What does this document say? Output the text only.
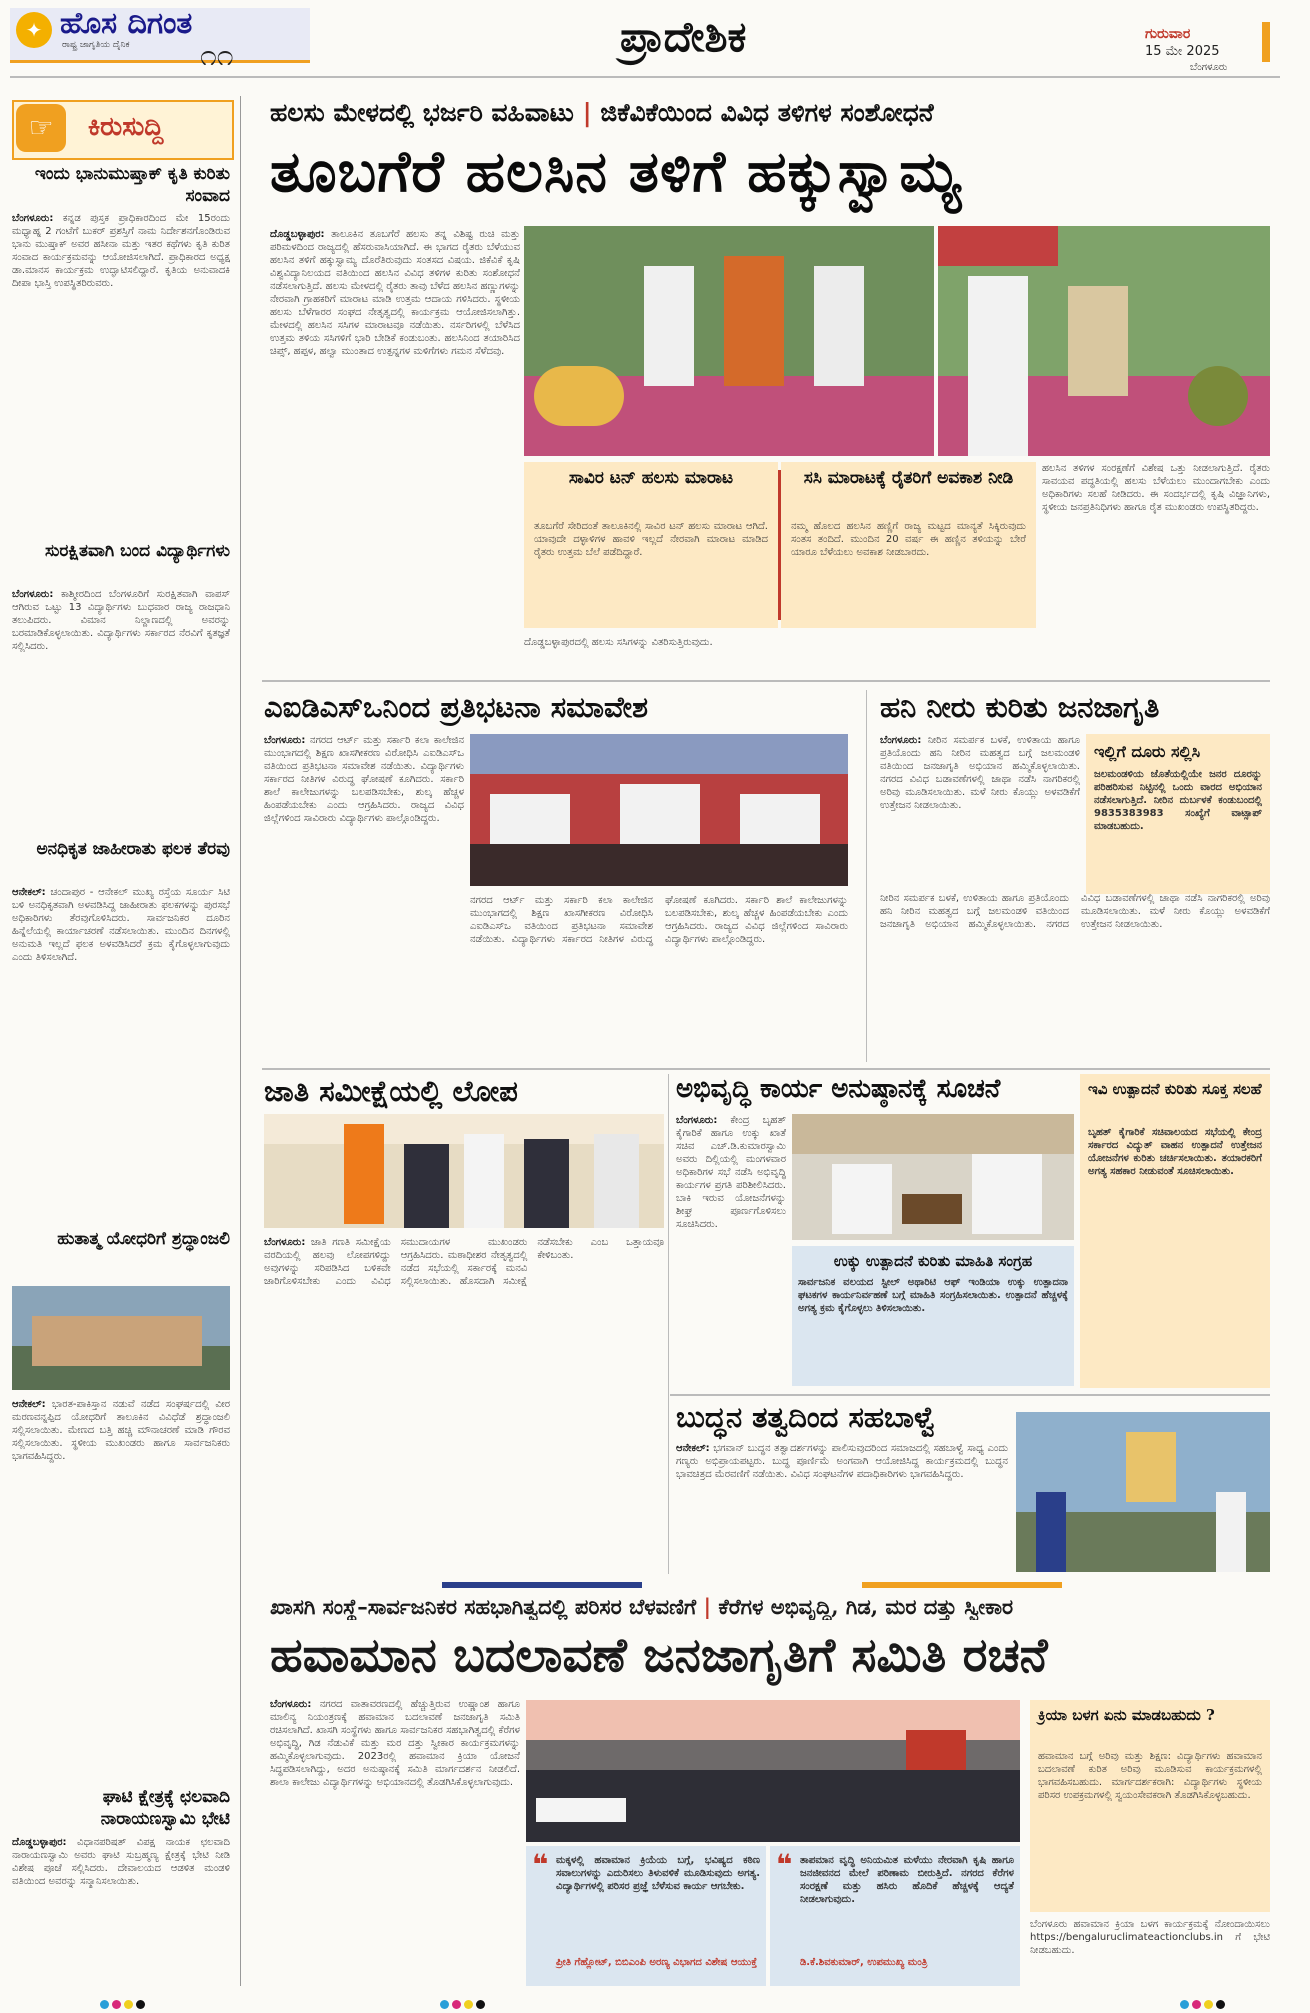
✦ ಹೊಸ ದಿಗಂತ
ರಾಷ್ಟ್ರ ಜಾಗೃತಿಯ ದೈನಿಕ ೧೧	ಪ್ರಾದೇಶಿಕ	ಗುರುವಾರ
15 ಮೇ 2025
ಬೆಂಗಳೂರು
☞	ಕಿರುಸುದ್ದಿ
ಇಂದು ಭಾನುಮುಷ್ತಾಕ್ ಕೃತಿ ಕುರಿತು ಸಂವಾದ
ಬೆಂಗಳೂರು: ಕನ್ನಡ ಪುಸ್ತಕ ಪ್ರಾಧಿಕಾರದಿಂದ ಮೇ 15ರಂದು ಮಧ್ಯಾಹ್ನ 2 ಗಂಟೆಗೆ ಬುಕರ್ ಪ್ರಶಸ್ತಿಗೆ ನಾಮ ನಿರ್ದೇಶನಗೊಂಡಿರುವ ಭಾನು ಮುಷ್ತಾಕ್ ಅವರ ಹಸೀನಾ ಮತ್ತು ಇತರ ಕಥೆಗಳು ಕೃತಿ ಕುರಿತ ಸಂವಾದ ಕಾರ್ಯಕ್ರಮವನ್ನು ಆಯೋಜಿಸಲಾಗಿದೆ. ಪ್ರಾಧಿಕಾರದ ಅಧ್ಯಕ್ಷ ಡಾ.ಮಾನಸ ಕಾರ್ಯಕ್ರಮ ಉದ್ಘಾಟಿಸಲಿದ್ದಾರೆ. ಕೃತಿಯ ಅನುವಾದಕಿ ದೀಪಾ ಭಾಸ್ತಿ ಉಪಸ್ಥಿತರಿರುವರು.
ಸುರಕ್ಷಿತವಾಗಿ ಬಂದ ವಿದ್ಯಾರ್ಥಿಗಳು
ಬೆಂಗಳೂರು: ಕಾಶ್ಮೀರದಿಂದ ಬೆಂಗಳೂರಿಗೆ ಸುರಕ್ಷಿತವಾಗಿ ವಾಪಸ್ ಆಗಿರುವ ಒಟ್ಟು 13 ವಿದ್ಯಾರ್ಥಿಗಳು ಬುಧವಾರ ರಾಜ್ಯ ರಾಜಧಾನಿ ತಲುಪಿದರು. ವಿಮಾನ ನಿಲ್ದಾಣದಲ್ಲಿ ಅವರನ್ನು ಬರಮಾಡಿಕೊಳ್ಳಲಾಯಿತು. ವಿದ್ಯಾರ್ಥಿಗಳು ಸರ್ಕಾರದ ನೆರವಿಗೆ ಕೃತಜ್ಞತೆ ಸಲ್ಲಿಸಿದರು.
ಅನಧಿಕೃತ ಜಾಹೀರಾತು ಫಲಕ ತೆರವು
ಆನೇಕಲ್: ಚಂದಾಪುರ - ಆನೇಕಲ್ ಮುಖ್ಯ ರಸ್ತೆಯ ಸೂರ್ಯ ಸಿಟಿ ಬಳಿ ಅನಧಿಕೃತವಾಗಿ ಅಳವಡಿಸಿದ್ದ ಜಾಹೀರಾತು ಫಲಕಗಳನ್ನು ಪುರಸಭೆ ಅಧಿಕಾರಿಗಳು ತೆರವುಗೊಳಿಸಿದರು. ಸಾರ್ವಜನಿಕರ ದೂರಿನ ಹಿನ್ನೆಲೆಯಲ್ಲಿ ಕಾರ್ಯಾಚರಣೆ ನಡೆಸಲಾಯಿತು. ಮುಂದಿನ ದಿನಗಳಲ್ಲಿ ಅನುಮತಿ ಇಲ್ಲದೆ ಫಲಕ ಅಳವಡಿಸಿದರೆ ಕ್ರಮ ಕೈಗೊಳ್ಳಲಾಗುವುದು ಎಂದು ತಿಳಿಸಲಾಗಿದೆ.
ಹುತಾತ್ಮ ಯೋಧರಿಗೆ ಶ್ರದ್ಧಾಂಜಲಿ
ಆನೇಕಲ್: ಭಾರತ-ಪಾಕಿಸ್ತಾನ ನಡುವೆ ನಡೆದ ಸಂಘರ್ಷದಲ್ಲಿ ವೀರ ಮರಣವನ್ನಪ್ಪಿದ ಯೋಧರಿಗೆ ತಾಲೂಕಿನ ವಿವಿಧೆಡೆ ಶ್ರದ್ಧಾಂಜಲಿ ಸಲ್ಲಿಸಲಾಯಿತು. ಮೇಣದ ಬತ್ತಿ ಹಚ್ಚಿ ಮೌನಾಚರಣೆ ಮಾಡಿ ಗೌರವ ಸಲ್ಲಿಸಲಾಯಿತು. ಸ್ಥಳೀಯ ಮುಖಂಡರು ಹಾಗೂ ಸಾರ್ವಜನಿಕರು ಭಾಗವಹಿಸಿದ್ದರು.
ಘಾಟಿ ಕ್ಷೇತ್ರಕ್ಕೆ ಛಲವಾದಿ ನಾರಾಯಣಸ್ವಾಮಿ ಭೇಟಿ
ದೊಡ್ಡಬಳ್ಳಾಪುರ: ವಿಧಾನಪರಿಷತ್ ವಿಪಕ್ಷ ನಾಯಕ ಛಲವಾದಿ ನಾರಾಯಣಸ್ವಾಮಿ ಅವರು ಘಾಟಿ ಸುಬ್ರಹ್ಮಣ್ಯ ಕ್ಷೇತ್ರಕ್ಕೆ ಭೇಟಿ ನೀಡಿ ವಿಶೇಷ ಪೂಜೆ ಸಲ್ಲಿಸಿದರು. ದೇವಾಲಯದ ಆಡಳಿತ ಮಂಡಳಿ ವತಿಯಿಂದ ಅವರನ್ನು ಸನ್ಮಾನಿಸಲಾಯಿತು.
ಹಲಸು ಮೇಳದಲ್ಲಿ ಭರ್ಜರಿ ವಹಿವಾಟು | ಜಿಕೆವಿಕೆಯಿಂದ ವಿವಿಧ ತಳಿಗಳ ಸಂಶೋಧನೆ
ತೂಬಗೆರೆ ಹಲಸಿನ ತಳಿಗೆ ಹಕ್ಕುಸ್ವಾಮ್ಯ
ದೊಡ್ಡಬಳ್ಳಾಪುರ: ತಾಲೂಕಿನ ತೂಬಗೆರೆ ಹಲಸು ತನ್ನ ವಿಶಿಷ್ಟ ರುಚಿ ಮತ್ತು ಪರಿಮಳದಿಂದ ರಾಜ್ಯದಲ್ಲಿ ಹೆಸರುವಾಸಿಯಾಗಿದೆ. ಈ ಭಾಗದ ರೈತರು ಬೆಳೆಯುವ ಹಲಸಿನ ತಳಿಗೆ ಹಕ್ಕುಸ್ವಾಮ್ಯ ದೊರೆತಿರುವುದು ಸಂತಸದ ವಿಷಯ. ಜಿಕೆವಿಕೆ ಕೃಷಿ ವಿಶ್ವವಿದ್ಯಾನಿಲಯದ ವತಿಯಿಂದ ಹಲಸಿನ ವಿವಿಧ ತಳಿಗಳ ಕುರಿತು ಸಂಶೋಧನೆ ನಡೆಸಲಾಗುತ್ತಿದೆ. ಹಲಸು ಮೇಳದಲ್ಲಿ ರೈತರು ತಾವು ಬೆಳೆದ ಹಲಸಿನ ಹಣ್ಣುಗಳನ್ನು ನೇರವಾಗಿ ಗ್ರಾಹಕರಿಗೆ ಮಾರಾಟ ಮಾಡಿ ಉತ್ತಮ ಆದಾಯ ಗಳಿಸಿದರು. ಸ್ಥಳೀಯ ಹಲಸು ಬೆಳೆಗಾರರ ಸಂಘದ ನೇತೃತ್ವದಲ್ಲಿ ಕಾರ್ಯಕ್ರಮ ಆಯೋಜಿಸಲಾಗಿತ್ತು. ಮೇಳದಲ್ಲಿ ಹಲಸಿನ ಸಸಿಗಳ ಮಾರಾಟವೂ ನಡೆಯಿತು. ನರ್ಸರಿಗಳಲ್ಲಿ ಬೆಳೆಸಿದ ಉತ್ತಮ ತಳಿಯ ಸಸಿಗಳಿಗೆ ಭಾರಿ ಬೇಡಿಕೆ ಕಂಡುಬಂತು. ಹಲಸಿನಿಂದ ತಯಾರಿಸಿದ ಚಿಪ್ಸ್, ಹಪ್ಪಳ, ಹಲ್ವಾ ಮುಂತಾದ ಉತ್ಪನ್ನಗಳ ಮಳಿಗೆಗಳು ಗಮನ ಸೆಳೆದವು.
ಸಾವಿರ ಟನ್ ಹಲಸು ಮಾರಾಟ
ತೂಬಗೆರೆ ಸೇರಿದಂತೆ ತಾಲೂಕಿನಲ್ಲಿ ಸಾವಿರ ಟನ್ ಹಲಸು ಮಾರಾಟ ಆಗಿದೆ. ಯಾವುದೇ ದಳ್ಳಾಳಿಗಳ ಹಾವಳಿ ಇಲ್ಲದೆ ನೇರವಾಗಿ ಮಾರಾಟ ಮಾಡಿದ ರೈತರು ಉತ್ತಮ ಬೆಲೆ ಪಡೆದಿದ್ದಾರೆ.
ಸಸಿ ಮಾರಾಟಕ್ಕೆ ರೈತರಿಗೆ ಅವಕಾಶ ನೀಡಿ
ನಮ್ಮ ಹೊಲದ ಹಲಸಿನ ಹಣ್ಣಿಗೆ ರಾಜ್ಯ ಮಟ್ಟದ ಮಾನ್ಯತೆ ಸಿಕ್ಕಿರುವುದು ಸಂತಸ ತಂದಿದೆ. ಮುಂದಿನ 20 ವರ್ಷ ಈ ಹಣ್ಣಿನ ತಳಿಯನ್ನು ಬೇರೆ ಯಾರೂ ಬೆಳೆಯಲು ಅವಕಾಶ ನೀಡಬಾರದು.
ಹಲಸಿನ ತಳಿಗಳ ಸಂರಕ್ಷಣೆಗೆ ವಿಶೇಷ ಒತ್ತು ನೀಡಲಾಗುತ್ತಿದೆ. ರೈತರು ಸಾವಯವ ಪದ್ಧತಿಯಲ್ಲಿ ಹಲಸು ಬೆಳೆಯಲು ಮುಂದಾಗಬೇಕು ಎಂದು ಅಧಿಕಾರಿಗಳು ಸಲಹೆ ನೀಡಿದರು. ಈ ಸಂದರ್ಭದಲ್ಲಿ ಕೃಷಿ ವಿಜ್ಞಾನಿಗಳು, ಸ್ಥಳೀಯ ಜನಪ್ರತಿನಿಧಿಗಳು ಹಾಗೂ ರೈತ ಮುಖಂಡರು ಉಪಸ್ಥಿತರಿದ್ದರು.
ದೊಡ್ಡಬಳ್ಳಾಪುರದಲ್ಲಿ ಹಲಸು ಸಸಿಗಳನ್ನು ವಿತರಿಸುತ್ತಿರುವುದು.
ಎಐಡಿಎಸ್ಒನಿಂದ ಪ್ರತಿಭಟನಾ ಸಮಾವೇಶ
ಬೆಂಗಳೂರು: ನಗರದ ಆರ್ಟ್ ಮತ್ತು ಸರ್ಕಾರಿ ಕಲಾ ಕಾಲೇಜಿನ ಮುಂಭಾಗದಲ್ಲಿ ಶಿಕ್ಷಣ ಖಾಸಗೀಕರಣ ವಿರೋಧಿಸಿ ಎಐಡಿಎಸ್ಒ ವತಿಯಿಂದ ಪ್ರತಿಭಟನಾ ಸಮಾವೇಶ ನಡೆಯಿತು. ವಿದ್ಯಾರ್ಥಿಗಳು ಸರ್ಕಾರದ ನೀತಿಗಳ ವಿರುದ್ಧ ಘೋಷಣೆ ಕೂಗಿದರು. ಸರ್ಕಾರಿ ಶಾಲೆ ಕಾಲೇಜುಗಳನ್ನು ಬಲಪಡಿಸಬೇಕು, ಶುಲ್ಕ ಹೆಚ್ಚಳ ಹಿಂಪಡೆಯಬೇಕು ಎಂದು ಆಗ್ರಹಿಸಿದರು. ರಾಜ್ಯದ ವಿವಿಧ ಜಿಲ್ಲೆಗಳಿಂದ ಸಾವಿರಾರು ವಿದ್ಯಾರ್ಥಿಗಳು ಪಾಲ್ಗೊಂಡಿದ್ದರು.
ನಗರದ ಆರ್ಟ್ ಮತ್ತು ಸರ್ಕಾರಿ ಕಲಾ ಕಾಲೇಜಿನ ಮುಂಭಾಗದಲ್ಲಿ ಶಿಕ್ಷಣ ಖಾಸಗೀಕರಣ ವಿರೋಧಿಸಿ ಎಐಡಿಎಸ್ಒ ವತಿಯಿಂದ ಪ್ರತಿಭಟನಾ ಸಮಾವೇಶ ನಡೆಯಿತು. ವಿದ್ಯಾರ್ಥಿಗಳು ಸರ್ಕಾರದ ನೀತಿಗಳ ವಿರುದ್ಧ ಘೋಷಣೆ ಕೂಗಿದರು. ಸರ್ಕಾರಿ ಶಾಲೆ ಕಾಲೇಜುಗಳನ್ನು ಬಲಪಡಿಸಬೇಕು, ಶುಲ್ಕ ಹೆಚ್ಚಳ ಹಿಂಪಡೆಯಬೇಕು ಎಂದು ಆಗ್ರಹಿಸಿದರು. ರಾಜ್ಯದ ವಿವಿಧ ಜಿಲ್ಲೆಗಳಿಂದ ಸಾವಿರಾರು ವಿದ್ಯಾರ್ಥಿಗಳು ಪಾಲ್ಗೊಂಡಿದ್ದರು.
ಹನಿ ನೀರು ಕುರಿತು ಜನಜಾಗೃತಿ
ಬೆಂಗಳೂರು: ನೀರಿನ ಸಮರ್ಪಕ ಬಳಕೆ, ಉಳಿತಾಯ ಹಾಗೂ ಪ್ರತಿಯೊಂದು ಹನಿ ನೀರಿನ ಮಹತ್ವದ ಬಗ್ಗೆ ಜಲಮಂಡಳಿ ವತಿಯಿಂದ ಜನಜಾಗೃತಿ ಅಭಿಯಾನ ಹಮ್ಮಿಕೊಳ್ಳಲಾಯಿತು. ನಗರದ ವಿವಿಧ ಬಡಾವಣೆಗಳಲ್ಲಿ ಜಾಥಾ ನಡೆಸಿ ನಾಗರಿಕರಲ್ಲಿ ಅರಿವು ಮೂಡಿಸಲಾಯಿತು. ಮಳೆ ನೀರು ಕೊಯ್ಲು ಅಳವಡಿಕೆಗೆ ಉತ್ತೇಜನ ನೀಡಲಾಯಿತು.
ಇಲ್ಲಿಗೆ ದೂರು ಸಲ್ಲಿಸಿ
ಜಲಮಂಡಳಿಯ ಜೊತೆಯಲ್ಲಿಯೇ ಜನರ ದೂರನ್ನು ಪರಿಹರಿಸುವ ನಿಟ್ಟಿನಲ್ಲಿ ಒಂದು ವಾರದ ಅಭಿಯಾನ ನಡೆಸಲಾಗುತ್ತಿದೆ. ನೀರಿನ ದುರ್ಬಳಕೆ ಕಂಡುಬಂದಲ್ಲಿ 9835383983 ಸಂಖ್ಯೆಗೆ ವಾಟ್ಸಾಪ್ ಮಾಡಬಹುದು.
ನೀರಿನ ಸಮರ್ಪಕ ಬಳಕೆ, ಉಳಿತಾಯ ಹಾಗೂ ಪ್ರತಿಯೊಂದು ಹನಿ ನೀರಿನ ಮಹತ್ವದ ಬಗ್ಗೆ ಜಲಮಂಡಳಿ ವತಿಯಿಂದ ಜನಜಾಗೃತಿ ಅಭಿಯಾನ ಹಮ್ಮಿಕೊಳ್ಳಲಾಯಿತು. ನಗರದ ವಿವಿಧ ಬಡಾವಣೆಗಳಲ್ಲಿ ಜಾಥಾ ನಡೆಸಿ ನಾಗರಿಕರಲ್ಲಿ ಅರಿವು ಮೂಡಿಸಲಾಯಿತು. ಮಳೆ ನೀರು ಕೊಯ್ಲು ಅಳವಡಿಕೆಗೆ ಉತ್ತೇಜನ ನೀಡಲಾಯಿತು.
ಜಾತಿ ಸಮೀಕ್ಷೆಯಲ್ಲಿ ಲೋಪ
ಬೆಂಗಳೂರು: ಜಾತಿ ಗಣತಿ ಸಮೀಕ್ಷೆಯ ವರದಿಯಲ್ಲಿ ಹಲವು ಲೋಪಗಳಿದ್ದು ಅವುಗಳನ್ನು ಸರಿಪಡಿಸಿದ ಬಳಿಕವೇ ಜಾರಿಗೊಳಿಸಬೇಕು ಎಂದು ವಿವಿಧ ಸಮುದಾಯಗಳ ಮುಖಂಡರು ಆಗ್ರಹಿಸಿದರು. ಮಠಾಧೀಶರ ನೇತೃತ್ವದಲ್ಲಿ ನಡೆದ ಸಭೆಯಲ್ಲಿ ಸರ್ಕಾರಕ್ಕೆ ಮನವಿ ಸಲ್ಲಿಸಲಾಯಿತು. ಹೊಸದಾಗಿ ಸಮೀಕ್ಷೆ ನಡೆಸಬೇಕು ಎಂಬ ಒತ್ತಾಯವೂ ಕೇಳಿಬಂತು.
ಅಭಿವೃದ್ಧಿ ಕಾರ್ಯ ಅನುಷ್ಠಾನಕ್ಕೆ ಸೂಚನೆ
ಬೆಂಗಳೂರು: ಕೇಂದ್ರ ಬೃಹತ್ ಕೈಗಾರಿಕೆ ಹಾಗೂ ಉಕ್ಕು ಖಾತೆ ಸಚಿವ ಎಚ್.ಡಿ.ಕುಮಾರಸ್ವಾಮಿ ಅವರು ದಿಲ್ಲಿಯಲ್ಲಿ ಮಂಗಳವಾರ ಅಧಿಕಾರಿಗಳ ಸಭೆ ನಡೆಸಿ ಅಭಿವೃದ್ಧಿ ಕಾರ್ಯಗಳ ಪ್ರಗತಿ ಪರಿಶೀಲಿಸಿದರು. ಬಾಕಿ ಇರುವ ಯೋಜನೆಗಳನ್ನು ಶೀಘ್ರ ಪೂರ್ಣಗೊಳಿಸಲು ಸೂಚಿಸಿದರು.
ಉಕ್ಕು ಉತ್ಪಾದನೆ ಕುರಿತು ಮಾಹಿತಿ ಸಂಗ್ರಹ
ಸಾರ್ವಜನಿಕ ವಲಯದ ಸ್ಟೀಲ್ ಅಥಾರಿಟಿ ಆಫ್ ಇಂಡಿಯಾ ಉಕ್ಕು ಉತ್ಪಾದನಾ ಘಟಕಗಳ ಕಾರ್ಯನಿರ್ವಹಣೆ ಬಗ್ಗೆ ಮಾಹಿತಿ ಸಂಗ್ರಹಿಸಲಾಯಿತು. ಉತ್ಪಾದನೆ ಹೆಚ್ಚಳಕ್ಕೆ ಅಗತ್ಯ ಕ್ರಮ ಕೈಗೊಳ್ಳಲು ತಿಳಿಸಲಾಯಿತು.
ಇವಿ ಉತ್ಪಾದನೆ ಕುರಿತು ಸೂಕ್ತ ಸಲಹೆ
ಬೃಹತ್ ಕೈಗಾರಿಕೆ ಸಚಿವಾಲಯದ ಸಭೆಯಲ್ಲಿ ಕೇಂದ್ರ ಸರ್ಕಾರದ ವಿದ್ಯುತ್ ವಾಹನ ಉತ್ಪಾದನೆ ಉತ್ತೇಜನ ಯೋಜನೆಗಳ ಕುರಿತು ಚರ್ಚಿಸಲಾಯಿತು. ತಯಾರಕರಿಗೆ ಅಗತ್ಯ ಸಹಕಾರ ನೀಡುವಂತೆ ಸೂಚಿಸಲಾಯಿತು.
ಬುದ್ಧನ ತತ್ವದಿಂದ ಸಹಬಾಳ್ವೆ
ಆನೇಕಲ್: ಭಗವಾನ್ ಬುದ್ಧನ ತತ್ವಾದರ್ಶಗಳನ್ನು ಪಾಲಿಸುವುದರಿಂದ ಸಮಾಜದಲ್ಲಿ ಸಹಬಾಳ್ವೆ ಸಾಧ್ಯ ಎಂದು ಗಣ್ಯರು ಅಭಿಪ್ರಾಯಪಟ್ಟರು. ಬುದ್ಧ ಪೂರ್ಣಿಮೆ ಅಂಗವಾಗಿ ಆಯೋಜಿಸಿದ್ದ ಕಾರ್ಯಕ್ರಮದಲ್ಲಿ ಬುದ್ಧನ ಭಾವಚಿತ್ರದ ಮೆರವಣಿಗೆ ನಡೆಯಿತು. ವಿವಿಧ ಸಂಘಟನೆಗಳ ಪದಾಧಿಕಾರಿಗಳು ಭಾಗವಹಿಸಿದ್ದರು.
ಖಾಸಗಿ ಸಂಸ್ಥೆ–ಸಾರ್ವಜನಿಕರ ಸಹಭಾಗಿತ್ವದಲ್ಲಿ ಪರಿಸರ ಬೆಳವಣಿಗೆ | ಕೆರೆಗಳ ಅಭಿವೃದ್ಧಿ, ಗಿಡ, ಮರ ದತ್ತು ಸ್ವೀಕಾರ
ಹವಾಮಾನ ಬದಲಾವಣೆ ಜನಜಾಗೃತಿಗೆ ಸಮಿತಿ ರಚನೆ
ಬೆಂಗಳೂರು: ನಗರದ ವಾತಾವರಣದಲ್ಲಿ ಹೆಚ್ಚುತ್ತಿರುವ ಉಷ್ಣಾಂಶ ಹಾಗೂ ಮಾಲಿನ್ಯ ನಿಯಂತ್ರಣಕ್ಕೆ ಹವಾಮಾನ ಬದಲಾವಣೆ ಜನಜಾಗೃತಿ ಸಮಿತಿ ರಚಿಸಲಾಗಿದೆ. ಖಾಸಗಿ ಸಂಸ್ಥೆಗಳು ಹಾಗೂ ಸಾರ್ವಜನಿಕರ ಸಹಭಾಗಿತ್ವದಲ್ಲಿ ಕೆರೆಗಳ ಅಭಿವೃದ್ಧಿ, ಗಿಡ ನೆಡುವಿಕೆ ಮತ್ತು ಮರ ದತ್ತು ಸ್ವೀಕಾರ ಕಾರ್ಯಕ್ರಮಗಳನ್ನು ಹಮ್ಮಿಕೊಳ್ಳಲಾಗುವುದು. 2023ರಲ್ಲಿ ಹವಾಮಾನ ಕ್ರಿಯಾ ಯೋಜನೆ ಸಿದ್ಧಪಡಿಸಲಾಗಿದ್ದು, ಅದರ ಅನುಷ್ಠಾನಕ್ಕೆ ಸಮಿತಿ ಮಾರ್ಗದರ್ಶನ ನೀಡಲಿದೆ. ಶಾಲಾ ಕಾಲೇಜು ವಿದ್ಯಾರ್ಥಿಗಳನ್ನು ಅಭಿಯಾನದಲ್ಲಿ ತೊಡಗಿಸಿಕೊಳ್ಳಲಾಗುವುದು.
❝ ಮಕ್ಕಳಲ್ಲಿ ಹವಾಮಾನ ಕ್ರಿಯೆಯ ಬಗ್ಗೆ, ಭವಿಷ್ಯದ ಕಠಿಣ ಸವಾಲುಗಳನ್ನು ಎದುರಿಸಲು ತಿಳುವಳಿಕೆ ಮೂಡಿಸುವುದು ಅಗತ್ಯ. ವಿದ್ಯಾರ್ಥಿಗಳಲ್ಲಿ ಪರಿಸರ ಪ್ರಜ್ಞೆ ಬೆಳೆಸುವ ಕಾರ್ಯ ಆಗಬೇಕು.
ಪ್ರೀತಿ ಗೆಹ್ಲೋಟ್, ಬಿಬಿಎಂಪಿ ಅರಣ್ಯ ವಿಭಾಗದ ವಿಶೇಷ ಆಯುಕ್ತೆ
❝ ತಾಪಮಾನ ವೃದ್ಧಿ ಅನಿಯಮಿತ ಮಳೆಯು ನೇರವಾಗಿ ಕೃಷಿ ಹಾಗೂ ಜನಜೀವನದ ಮೇಲೆ ಪರಿಣಾಮ ಬೀರುತ್ತಿದೆ. ನಗರದ ಕೆರೆಗಳ ಸಂರಕ್ಷಣೆ ಮತ್ತು ಹಸಿರು ಹೊದಿಕೆ ಹೆಚ್ಚಳಕ್ಕೆ ಆದ್ಯತೆ ನೀಡಲಾಗುವುದು.
ಡಿ.ಕೆ.ಶಿವಕುಮಾರ್, ಉಪಮುಖ್ಯ ಮಂತ್ರಿ
ಕ್ರಿಯಾ ಬಳಗ ಏನು ಮಾಡಬಹುದು ?
ಹವಾಮಾನ ಬಗ್ಗೆ ಅರಿವು ಮತ್ತು ಶಿಕ್ಷಣ: ವಿದ್ಯಾರ್ಥಿಗಳು ಹವಾಮಾನ ಬದಲಾವಣೆ ಕುರಿತ ಅರಿವು ಮೂಡಿಸುವ ಕಾರ್ಯಕ್ರಮಗಳಲ್ಲಿ ಭಾಗವಹಿಸಬಹುದು. ಮಾರ್ಗದರ್ಶಕರಾಗಿ: ವಿದ್ಯಾರ್ಥಿಗಳು ಸ್ಥಳೀಯ ಪರಿಸರ ಉಪಕ್ರಮಗಳಲ್ಲಿ ಸ್ವಯಂಸೇವಕರಾಗಿ ತೊಡಗಿಸಿಕೊಳ್ಳಬಹುದು.
ಬೆಂಗಳೂರು ಹವಾಮಾನ ಕ್ರಿಯಾ ಬಳಗ ಕಾರ್ಯಕ್ರಮಕ್ಕೆ ನೋಂದಾಯಿಸಲು https://bengaluruclimateactionclubs.in ಗೆ ಭೇಟಿ ನೀಡಬಹುದು.
